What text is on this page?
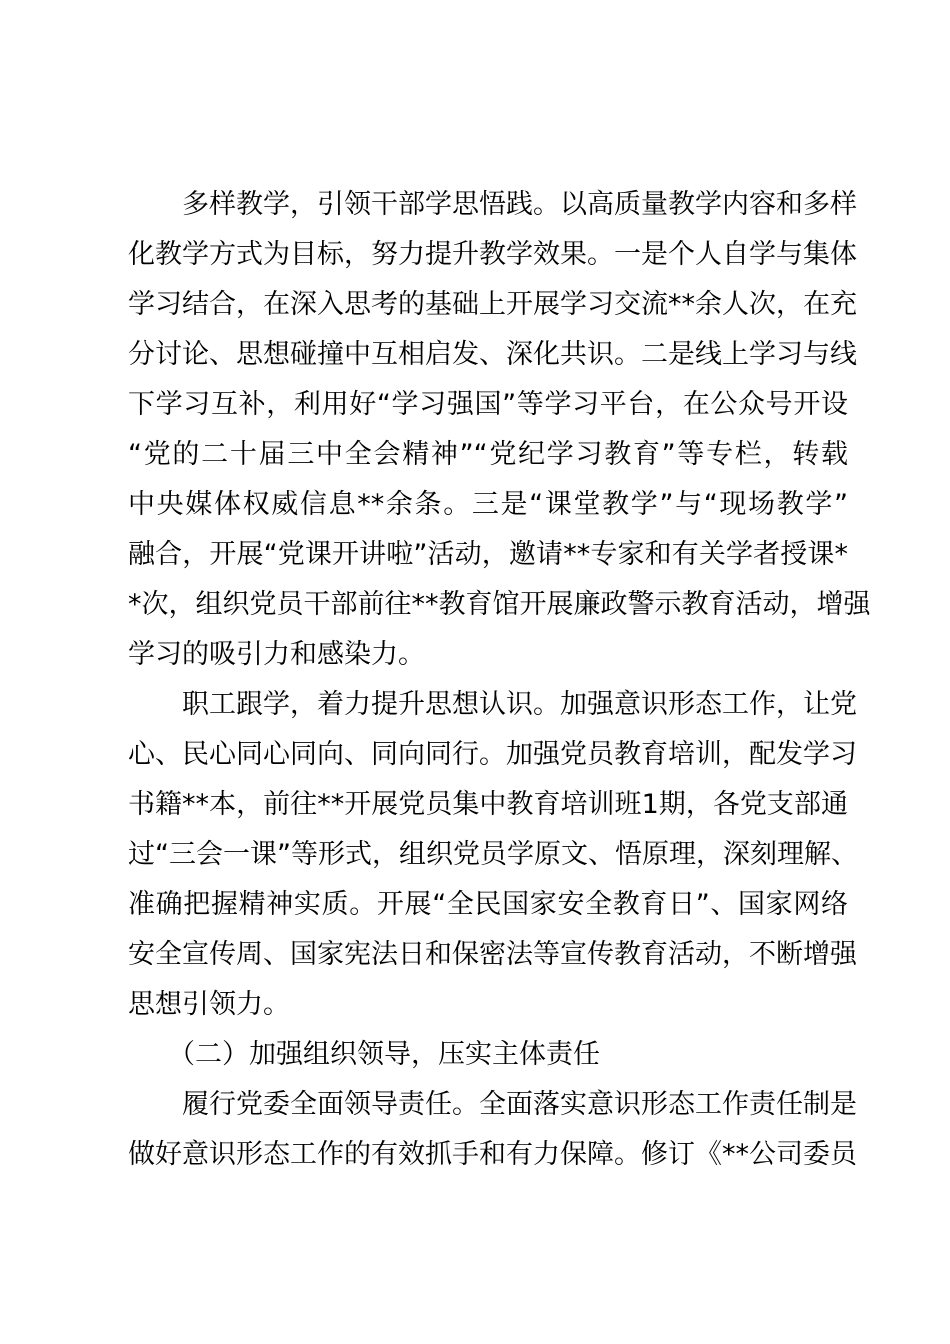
多样教学，引领干部学思悟践。以高质量教学内容和多样
化教学方式为目标，努力提升教学效果。一是个人自学与集体
学习结合，在深入思考的基础上开展学习交流**余人次，在充
分讨论、思想碰撞中互相启发、深化共识。二是线上学习与线
下学习互补，利用好“学习强国”等学习平台，在公众号开设
“党的二十届三中全会精神”“党纪学习教育”等专栏，转载
中央媒体权威信息**余条。三是“课堂教学”与“现场教学”
融合，开展“党课开讲啦”活动，邀请**专家和有关学者授课*
*次，组织党员干部前往**教育馆开展廉政警示教育活动，增强
学习的吸引力和感染力。
职工跟学，着力提升思想认识。加强意识形态工作，让党
心、民心同心同向、同向同行。加强党员教育培训，配发学习
书籍**本，前往**开展党员集中教育培训班1期，各党支部通
过“三会一课”等形式，组织党员学原文、悟原理，深刻理解、
准确把握精神实质。开展“全民国家安全教育日”、国家网络
安全宣传周、国家宪法日和保密法等宣传教育活动，不断增强
思想引领力。
（二）加强组织领导，压实主体责任
履行党委全面领导责任。全面落实意识形态工作责任制是
做好意识形态工作的有效抓手和有力保障。修订《**公司委员
